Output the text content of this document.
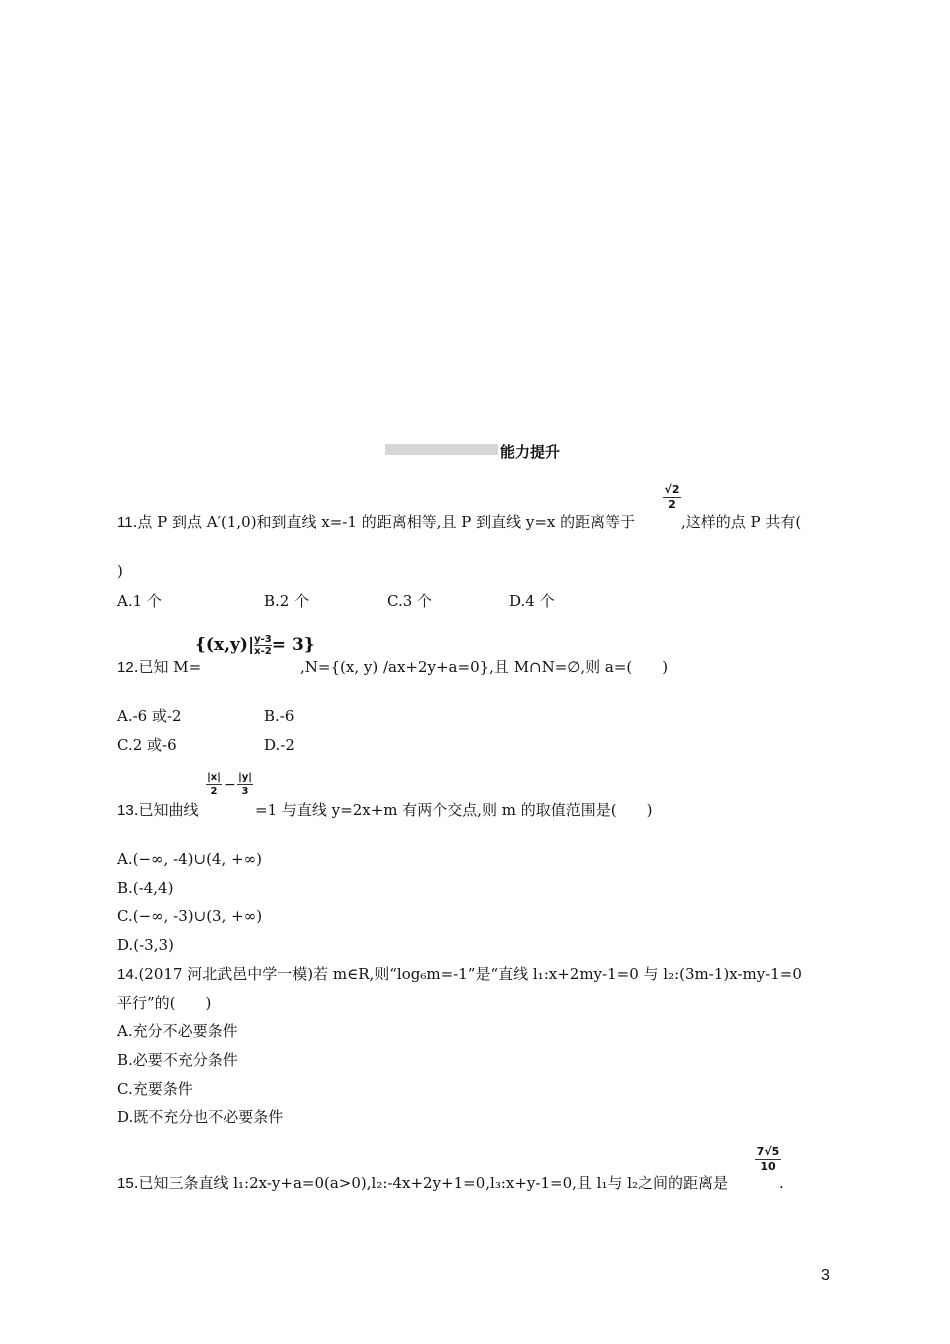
能力提升
11.点 P 到点 A′(1,0)和到直线 x=-1 的距离相等,且 P 到直线 y=x 的距离等于
√2
2
,这样的点 P 共有(
)
A.1 个	B.2 个	C.3 个	D.4 个
12.已知 M=
$\{(x,y)| \frac{y-3}{x-2} = 3\}$
,N={(x, y) /ax+2y+a=0},且 M∩N=∅,则 a=(　　)
A.-6 或-2	B.-6
C.2 或-6	D.-2
13.已知曲线
|x|
2 − |y|
3
=1 与直线 y=2x+m 有两个交点,则 m 的取值范围是(　　)
A.(−∞, -4)∪(4, +∞)
B.(-4,4)
C.(−∞, -3)∪(3, +∞)
D.(-3,3)
14.(2017 河北武邑中学一模)若 m∈R,则“log₆m=-1”是“直线 l₁:x+2my-1=0 与 l₂:(3m-1)x-my-1=0
平行”的(　　)
A.充分不必要条件
B.必要不充分条件
C.充要条件
D.既不充分也不必要条件
15.已知三条直线 l₁:2x-y+a=0(a>0),l₂:-4x+2y+1=0,l₃:x+y-1=0,且 l₁与 l₂之间的距离是
7√5
10
.
3
